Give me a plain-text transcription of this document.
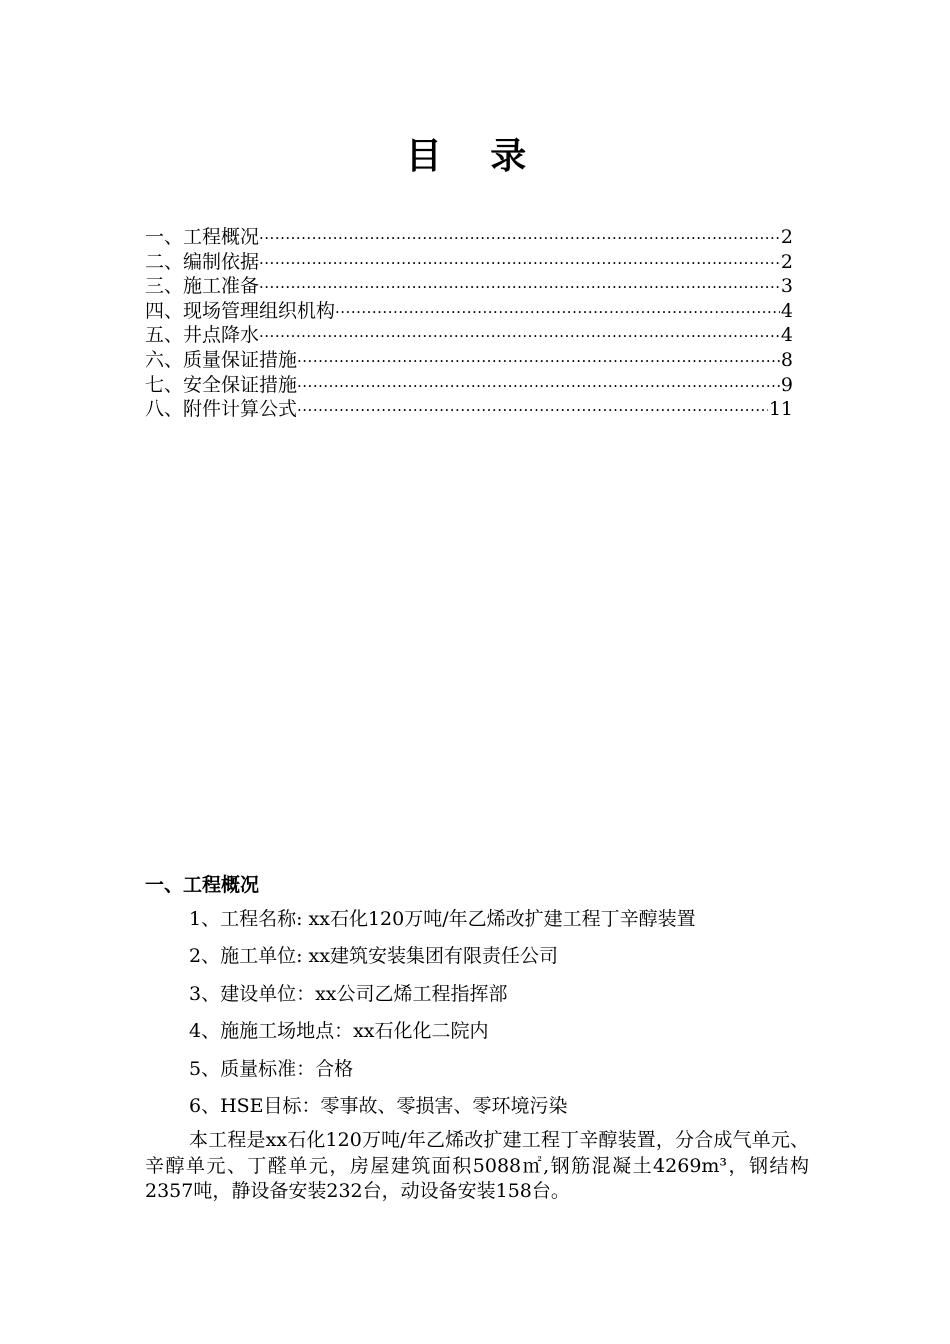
目 录
一、工程概况 ·····	2
二、编制依据 ·····	2
三、施工准备 ·····	3
四、现场管理组织机构 ·····	4
五、井点降水 ·····	4
六、质量保证措施 ·····	8
七、安全保证措施 ·····	9
八、附件计算公式 ·····	11
一、工程概况
1、工程名称: xx石化120万吨/年乙烯改扩建工程丁辛醇装置
2、施工单位: xx建筑安装集团有限责任公司
3、建设单位：xx公司乙烯工程指挥部
4、施施工场地点：xx石化化二院内
5、质量标准：合格
6、HSE目标：零事故、零损害、零环境污染
本工程是xx石化120万吨/年乙烯改扩建工程丁辛醇装置，分合成气单元、辛醇单元、丁醛单元，房屋建筑面积5088㎡,钢筋混凝土4269m³，钢结构2357吨，静设备安装232台，动设备安装158台。
